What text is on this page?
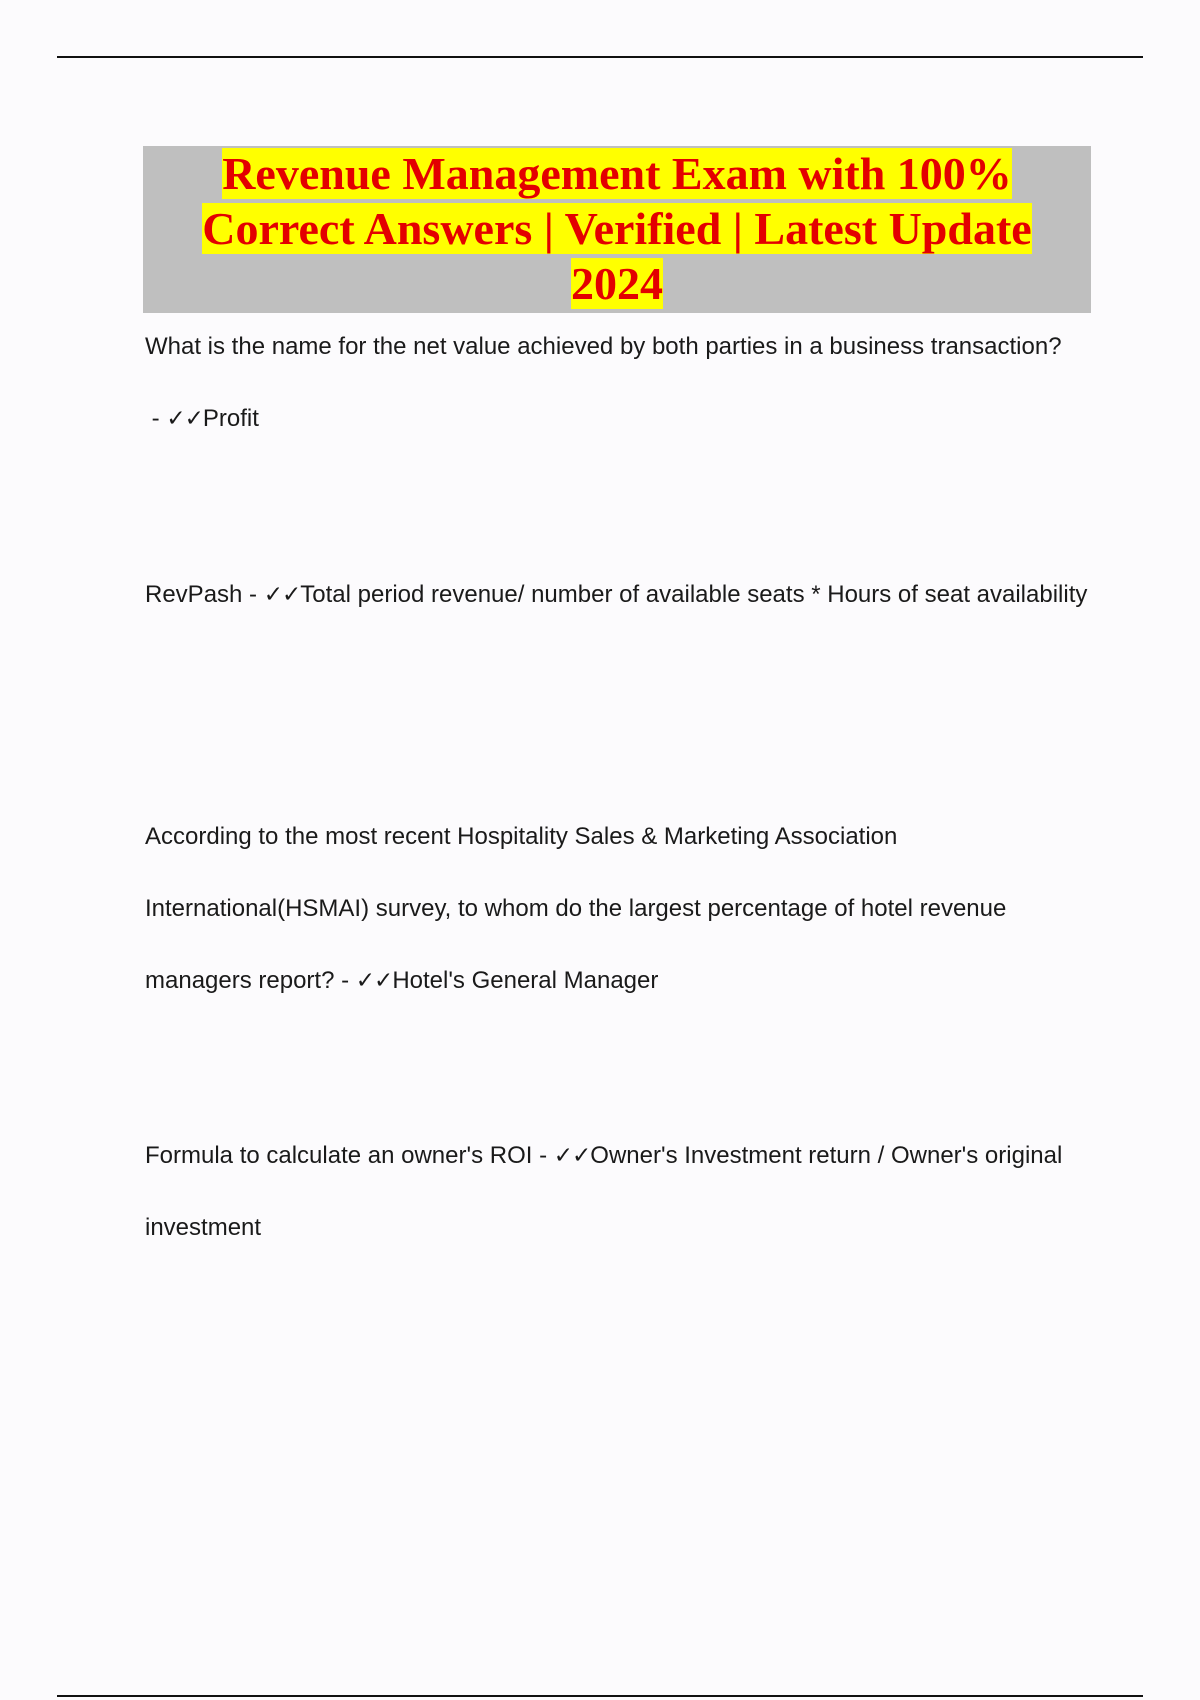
Revenue Management Exam with 100%
Correct Answers | Verified | Latest Update
2024

What is the name for the net value achieved by both parties in a business transaction? - ✓✓Profit

RevPash - ✓✓Total period revenue/ number of available seats * Hours of seat availability

According to the most recent Hospitality Sales & Marketing Association International(HSMAI) survey, to whom do the largest percentage of hotel revenue managers report? - ✓✓Hotel's General Manager

Formula to calculate an owner's ROI - ✓✓Owner's Investment return / Owner's original investment
